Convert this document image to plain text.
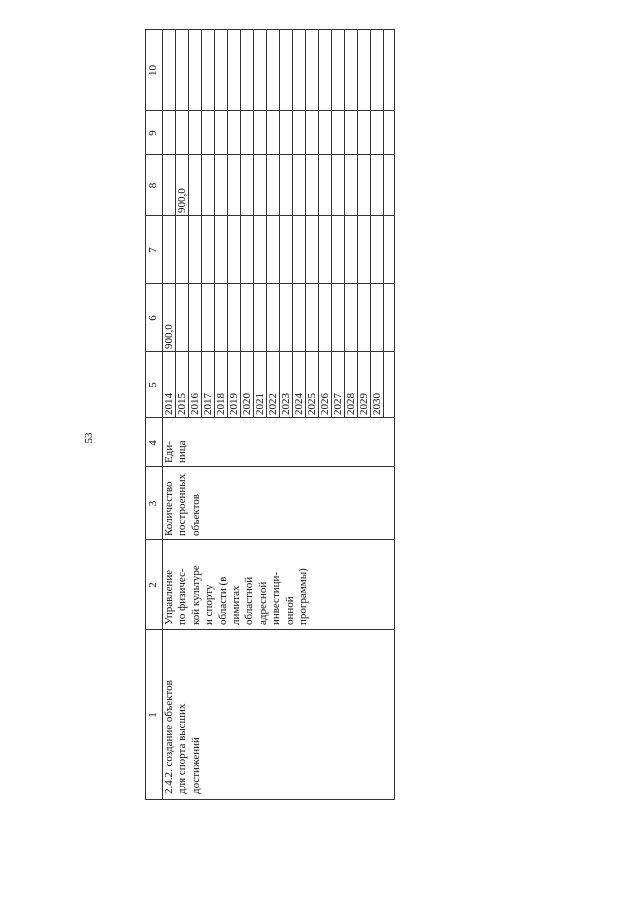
53
1
2
3
4
5
6
7
8
9
10
2.4.2. создание объектов для спорта высших достижений
Управление по физичес- кой культуре и спорту области (в лимитах областной адресной инвестици- онной программы)
Количество построенных объектов
Еди- ница
2014 2015 2016 2017 2018 2019 2020 2021 2022 2023 2024 2025 2026 2027 2028 2029 2030
900,0
900,0
